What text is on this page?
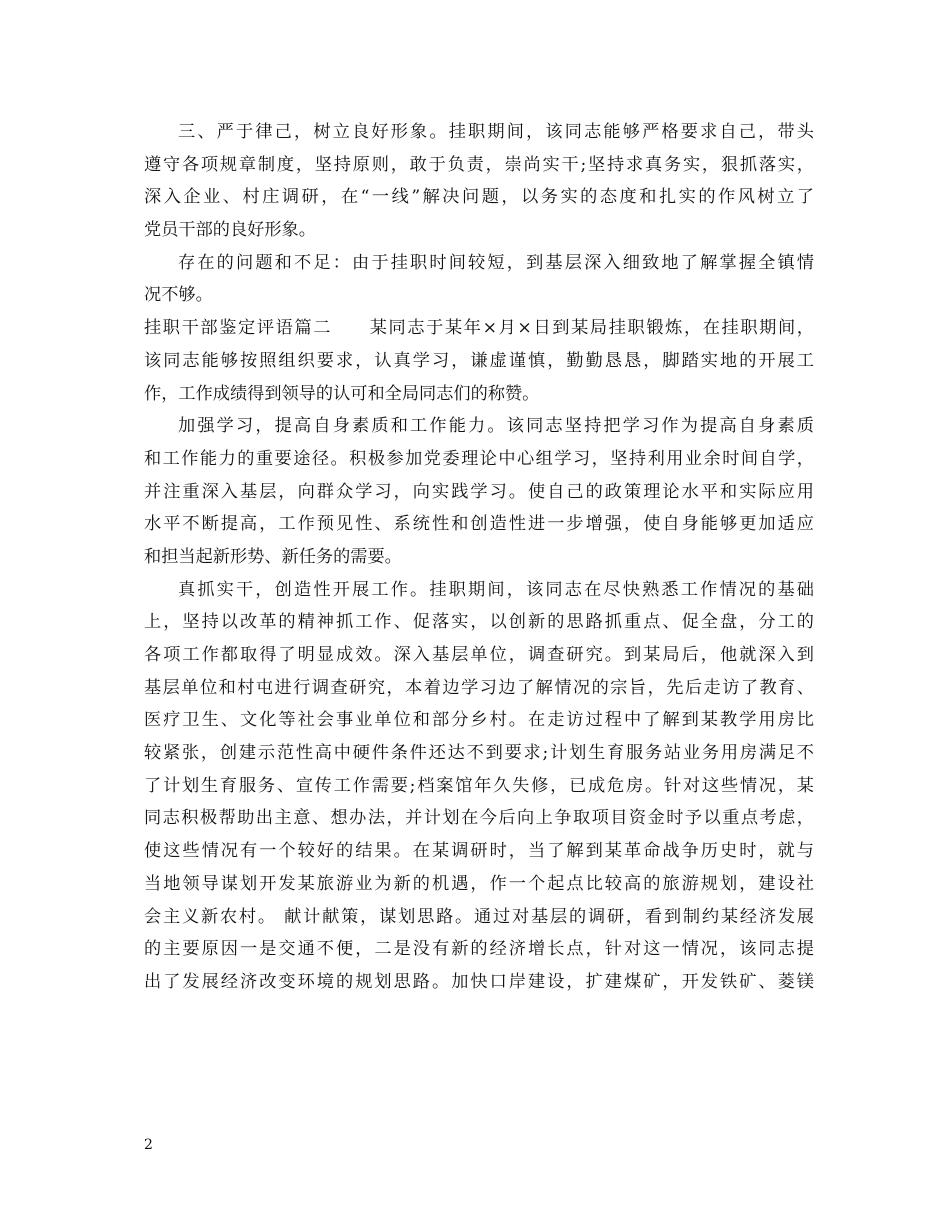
三、严于律己，树立良好形象。挂职期间，该同志能够严格要求自己，带头
遵守各项规章制度，坚持原则，敢于负责，崇尚实干;坚持求真务实，狠抓落实，
深入企业、村庄调研，在“一线”解决问题，以务实的态度和扎实的作风树立了
党员干部的良好形象。
存在的问题和不足：由于挂职时间较短，到基层深入细致地了解掌握全镇情
况不够。
挂职干部鉴定评语篇二　　某同志于某年×月×日到某局挂职锻炼，在挂职期间，
该同志能够按照组织要求，认真学习，谦虚谨慎，勤勤恳恳，脚踏实地的开展工
作，工作成绩得到领导的认可和全局同志们的称赞。
加强学习，提高自身素质和工作能力。该同志坚持把学习作为提高自身素质
和工作能力的重要途径。积极参加党委理论中心组学习，坚持利用业余时间自学，
并注重深入基层，向群众学习，向实践学习。使自己的政策理论水平和实际应用
水平不断提高，工作预见性、系统性和创造性进一步增强，使自身能够更加适应
和担当起新形势、新任务的需要。
真抓实干，创造性开展工作。挂职期间，该同志在尽快熟悉工作情况的基础
上，坚持以改革的精神抓工作、促落实，以创新的思路抓重点、促全盘，分工的
各项工作都取得了明显成效。深入基层单位，调查研究。到某局后，他就深入到
基层单位和村屯进行调查研究，本着边学习边了解情况的宗旨，先后走访了教育、
医疗卫生、文化等社会事业单位和部分乡村。在走访过程中了解到某教学用房比
较紧张，创建示范性高中硬件条件还达不到要求;计划生育服务站业务用房满足不
了计划生育服务、宣传工作需要;档案馆年久失修，已成危房。针对这些情况，某
同志积极帮助出主意、想办法，并计划在今后向上争取项目资金时予以重点考虑，
使这些情况有一个较好的结果。在某调研时，当了解到某革命战争历史时，就与
当地领导谋划开发某旅游业为新的机遇，作一个起点比较高的旅游规划，建设社
会主义新农村。 献计献策，谋划思路。通过对基层的调研，看到制约某经济发展
的主要原因一是交通不便，二是没有新的经济增长点，针对这一情况，该同志提
出了发展经济改变环境的规划思路。加快口岸建设，扩建煤矿，开发铁矿、菱镁
2
